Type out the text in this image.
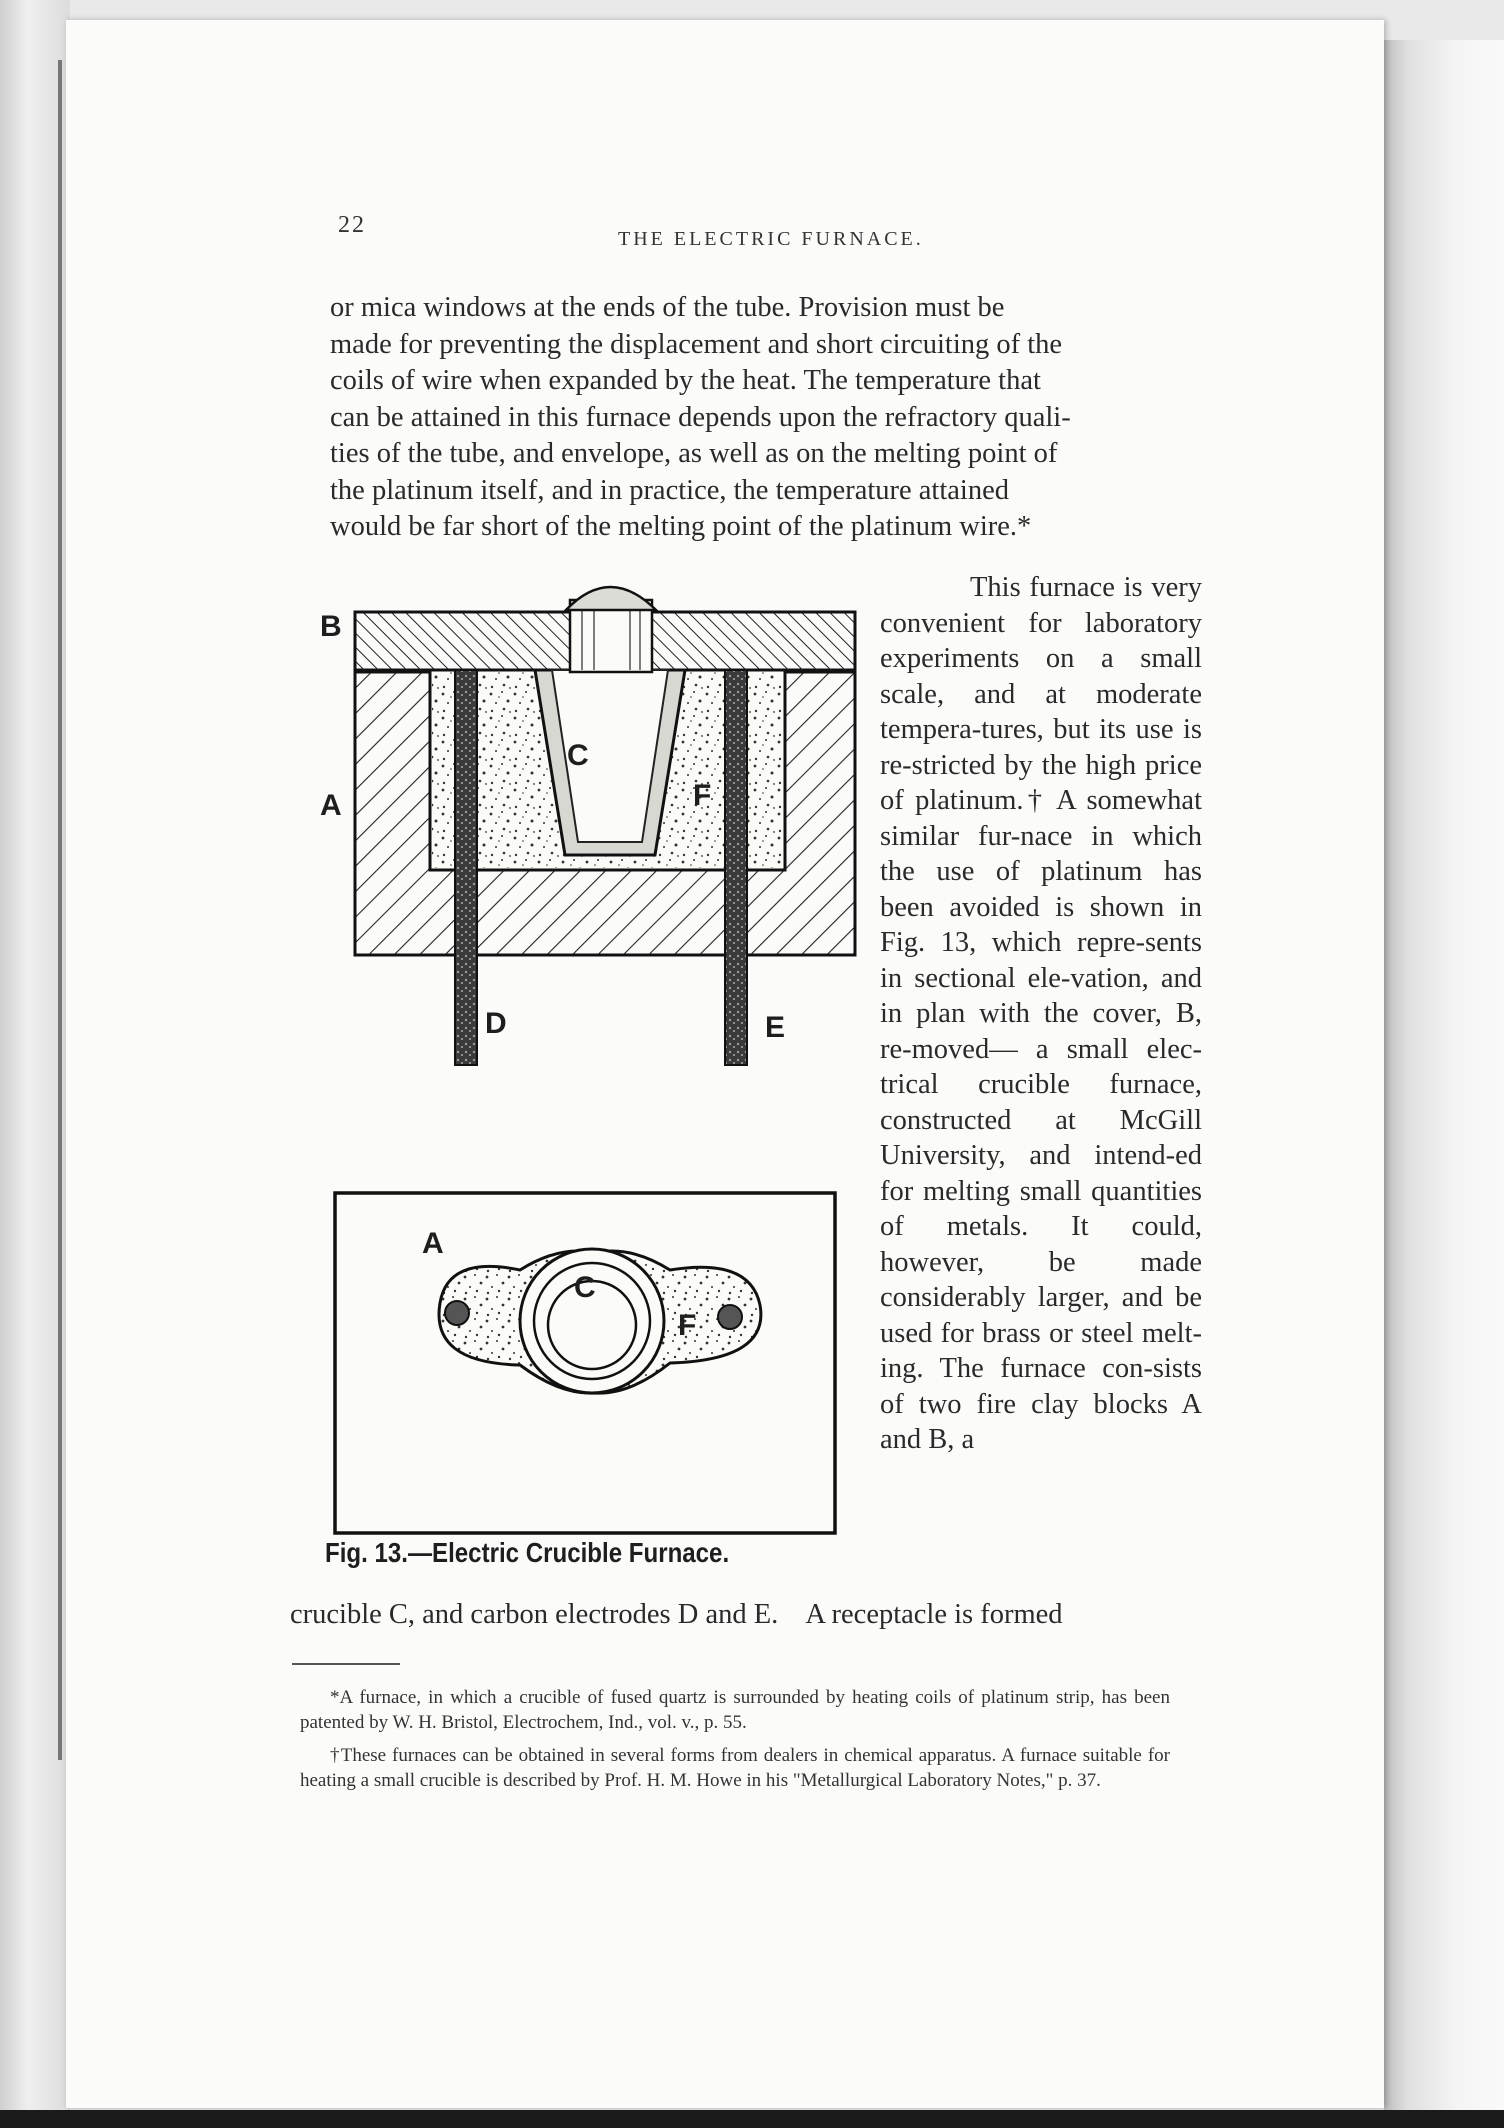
22
THE ELECTRIC FURNACE.

or mica windows at the ends of the tube. Provision must be

made for preventing the displacement and short circuiting of the

coils of wire when expanded by the heat. The temperature that

can be attained in this furnace depends upon the refractory quali-

ties of the tube, and envelope, as well as on the melting point of

the platinum itself, and in practice, the temperature attained

would be far short of the melting point of the platinum wire.*

B
A
C
F
D	E
A
C
F

This furnace is very convenient for laboratory experiments on a small scale, and at moderate tempera-tures, but its use is re-stricted by the high price of platinum.† A somewhat similar fur-nace in which the use of platinum has been avoided is shown in Fig. 13, which repre-sents in sectional ele-vation, and in plan with the cover, B, re-moved— a small elec-trical crucible furnace, constructed at McGill University, and intend-ed for melting small quantities of metals. It could, however, be made considerably larger, and be used for brass or steel melt-ing. The furnace con-sists of two fire clay blocks A and B, a

Fig. 13.—Electric Crucible Furnace.
crucible C, and carbon electrodes D and E. A receptacle is formed

*A furnace, in which a crucible of fused quartz is surrounded by heating coils of platinum strip, has been patented by W. H. Bristol, Electrochem, Ind., vol. v., p. 55.

†These furnaces can be obtained in several forms from dealers in chemical apparatus. A furnace suitable for heating a small crucible is described by Prof. H. M. Howe in his "Metallurgical Laboratory Notes," p. 37.
